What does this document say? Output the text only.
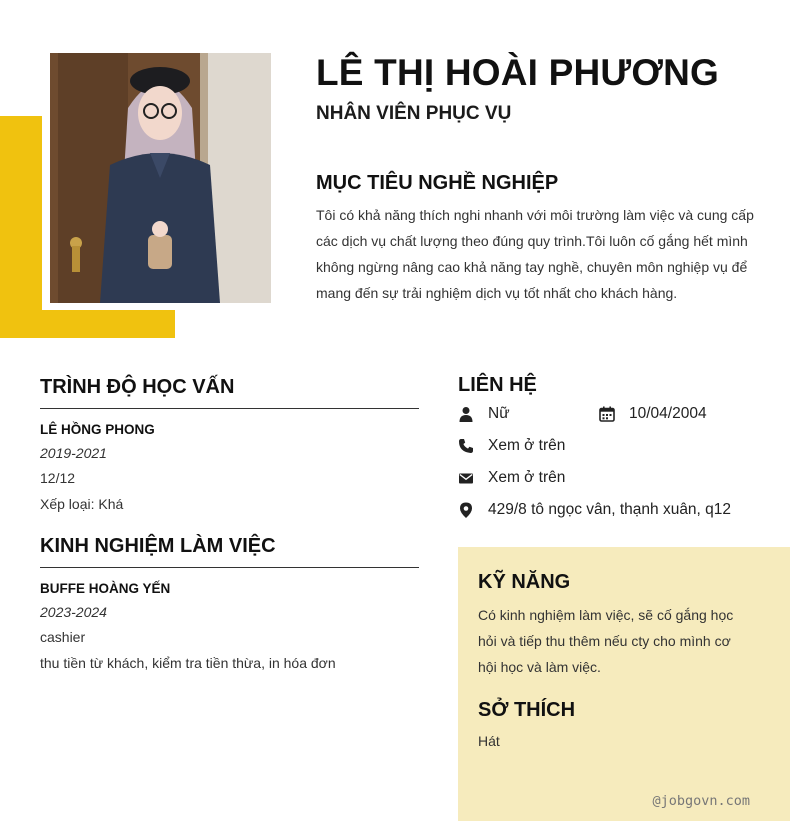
LÊ THỊ HOÀI PHƯƠNG
NHÂN VIÊN PHỤC VỤ
MỤC TIÊU NGHỀ NGHIỆP
Tôi có khả năng thích nghi nhanh với môi trường làm việc và cung cấp các dịch vụ chất lượng theo đúng quy trình.Tôi luôn cố gắng hết mình không ngừng nâng cao khả năng tay nghề, chuyên môn nghiệp vụ để mang đến sự trải nghiệm dịch vụ tốt nhất cho khách hàng.
TRÌNH ĐỘ HỌC VẤN
LÊ HỒNG PHONG
2019-2021
12/12
Xếp loại: Khá
KINH NGHIỆM LÀM VIỆC
BUFFE HOÀNG YẾN
2023-2024
cashier
thu tiền từ khách, kiểm tra tiền thừa, in hóa đơn
LIÊN HỆ
Nữ	10/04/2004
Xem ở trên
Xem ở trên
429/8 tô ngọc vân, thạnh xuân, q12
KỸ NĂNG
Có kinh nghiệm làm việc, sẽ cố gắng học hỏi và tiếp thu thêm nếu cty cho mình cơ hội học và làm việc.
SỞ THÍCH
Hát
@jobgovn.com
